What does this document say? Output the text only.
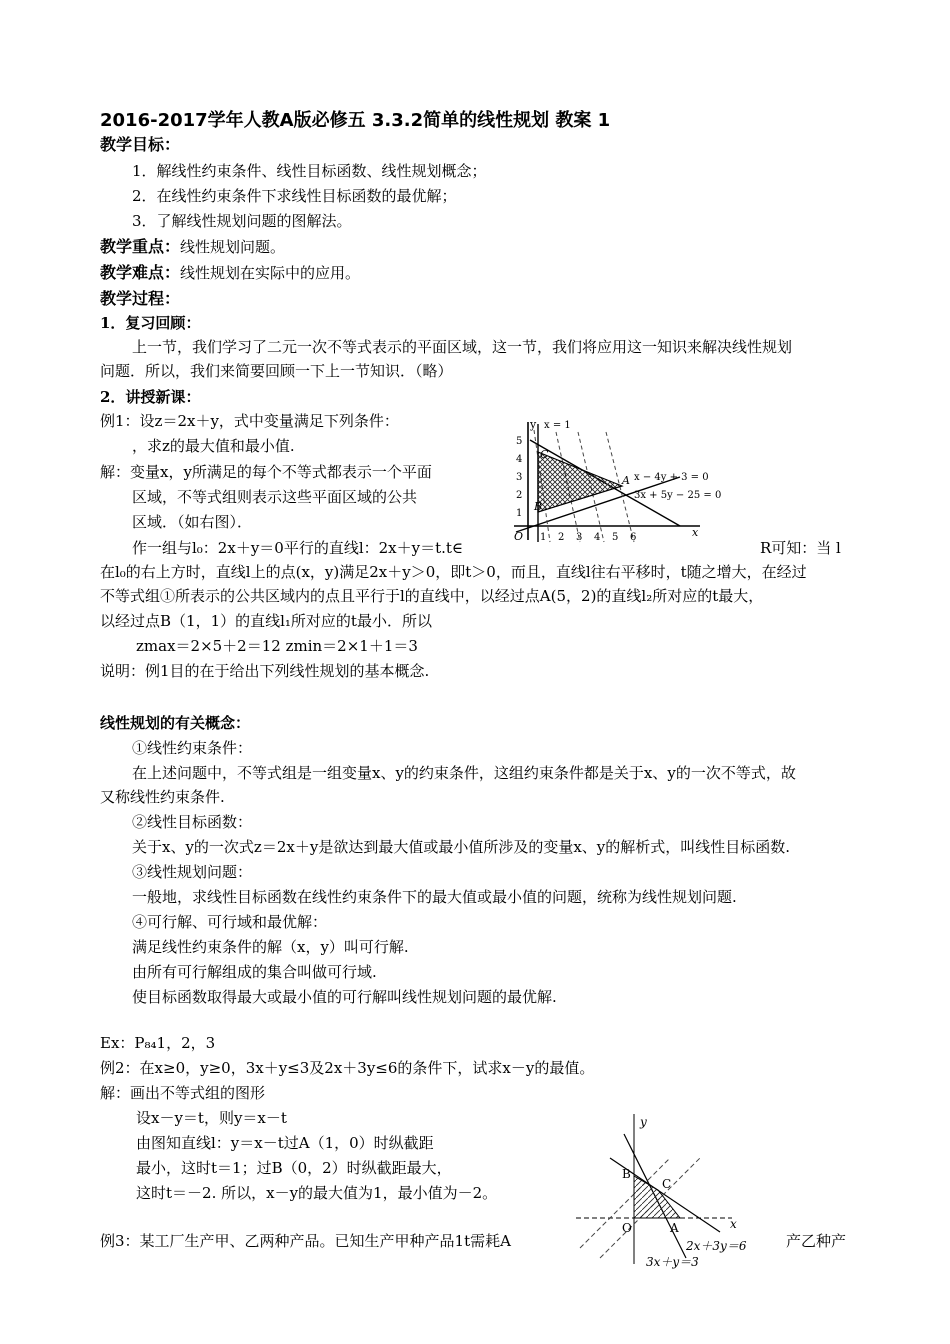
2016-2017学年人教A版必修五 3.3.2简单的线性规划 教案 1
教学目标：
1．解线性约束条件、线性目标函数、线性规划概念；
2．在线性约束条件下求线性目标函数的最优解；
3．了解线性规划问题的图解法。
教学重点：线性规划问题。
教学难点：线性规划在实际中的应用。
教学过程：
1．复习回顾：
上一节，我们学习了二元一次不等式表示的平面区域，这一节，我们将应用这一知识来解决线性规划
问题．所以，我们来简要回顾一下上一节知识．（略）
2．讲授新课：
例1：设z＝2x＋y，式中变量满足下列条件：
，求z的最大值和最小值.
解：变量x，y所满足的每个不等式都表示一个平面
区域，不等式组则表示这些平面区域的公共
区域．（如右图）．
作一组与l₀：2x＋y＝0平行的直线l：2x＋y＝t.t∈	R可知：当 l
在l₀的右上方时，直线l上的点(x，y)满足2x＋y＞0，即t＞0，而且，直线l往右平移时，t随之增大，在经过
不等式组①所表示的公共区域内的点且平行于l的直线中，以经过点A(5，2)的直线l₂所对应的t最大，
以经过点B（1，1）的直线l₁所对应的t最小．所以
zmax＝2×5＋2＝12 zmin＝2×1＋1＝3
说明：例1目的在于给出下列线性规划的基本概念.
y
x
x = 1
x − 4y + 3 = 0
3x + 5y − 25 = 0
C
A
B
O
5
4
3
2
1
1 2 3 4 5 6
线性规划的有关概念：
①线性约束条件：
在上述问题中，不等式组是一组变量x、y的约束条件，这组约束条件都是关于x、y的一次不等式，故
又称线性约束条件.
②线性目标函数：
关于x、y的一次式z＝2x＋y是欲达到最大值或最小值所涉及的变量x、y的解析式，叫线性目标函数.
③线性规划问题：
一般地，求线性目标函数在线性约束条件下的最大值或最小值的问题，统称为线性规划问题.
④可行解、可行域和最优解：
满足线性约束条件的解（x，y）叫可行解.
由所有可行解组成的集合叫做可行域.
使目标函数取得最大或最小值的可行解叫线性规划问题的最优解.
Ex：P₈₄1，2，3
例2：在x≥0，y≥0，3x＋y≤3及2x＋3y≤6的条件下，试求x－y的最值。
解：画出不等式组的图形
设x－y＝t，则y＝x－t
由图知直线l：y＝x－t过A（1，0）时纵截距
最小，这时t＝1；过B（0，2）时纵截距最大，
这时t＝－2. 所以，x－y的最大值为1，最小值为－2。
y
x
B
C
O	A
2x＋3y＝6
3x＋y＝3
例3：某工厂生产甲、乙两种产品。已知生产甲种产品1t需耗A	产乙种产
